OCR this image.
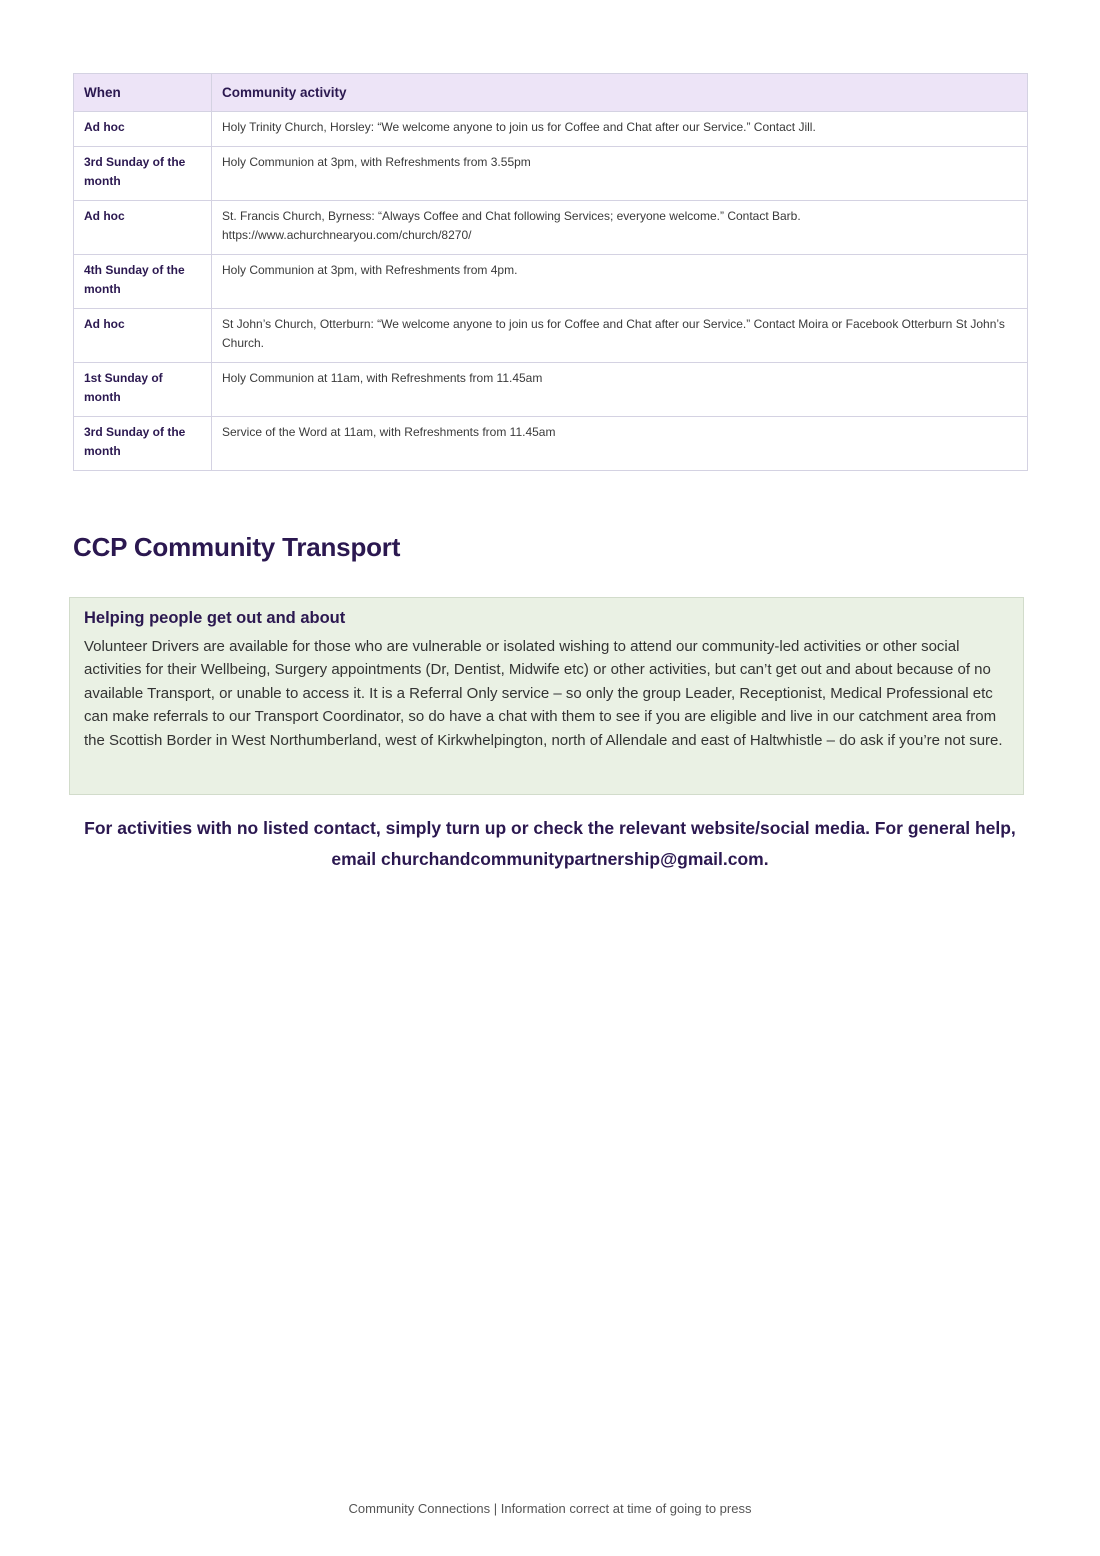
When	Community activity
Ad hoc	Holy Trinity Church, Horsley: “We welcome anyone to join us for Coffee and Chat after our Service.” Contact Jill.
3rd Sunday of the month	Holy Communion at 3pm, with Refreshments from 3.55pm
Ad hoc	St. Francis Church, Byrness: “Always Coffee and Chat following Services; everyone welcome.” Contact Barb. https://www.achurchnearyou.com/church/8270/
4th Sunday of the month	Holy Communion at 3pm, with Refreshments from 4pm.
Ad hoc	St John’s Church, Otterburn: “We welcome anyone to join us for Coffee and Chat after our Service.” Contact Moira or Facebook Otterburn St John’s Church.
1st Sunday of month	Holy Communion at 11am, with Refreshments from 11.45am
3rd Sunday of the month	Service of the Word at 11am, with Refreshments from 11.45am
CCP Community Transport
Helping people get out and about

Volunteer Drivers are available for those who are vulnerable or isolated wishing to attend our community-led activities or other social activities for their Wellbeing, Surgery appointments (Dr, Dentist, Midwife etc) or other activities, but can’t get out and about because of no available Transport, or unable to access it. It is a Referral Only service – so only the group Leader, Receptionist, Medical Professional etc can make referrals to our Transport Coordinator, so do have a chat with them to see if you are eligible and live in our catchment area from the Scottish Border in West Northumberland, west of Kirkwhelpington, north of Allendale and east of Haltwhistle – do ask if you’re not sure.

For activities with no listed contact, simply turn up or check the relevant website/social media. For general help, email churchandcommunitypartnership@gmail.com.

Community Connections | Information correct at time of going to press
